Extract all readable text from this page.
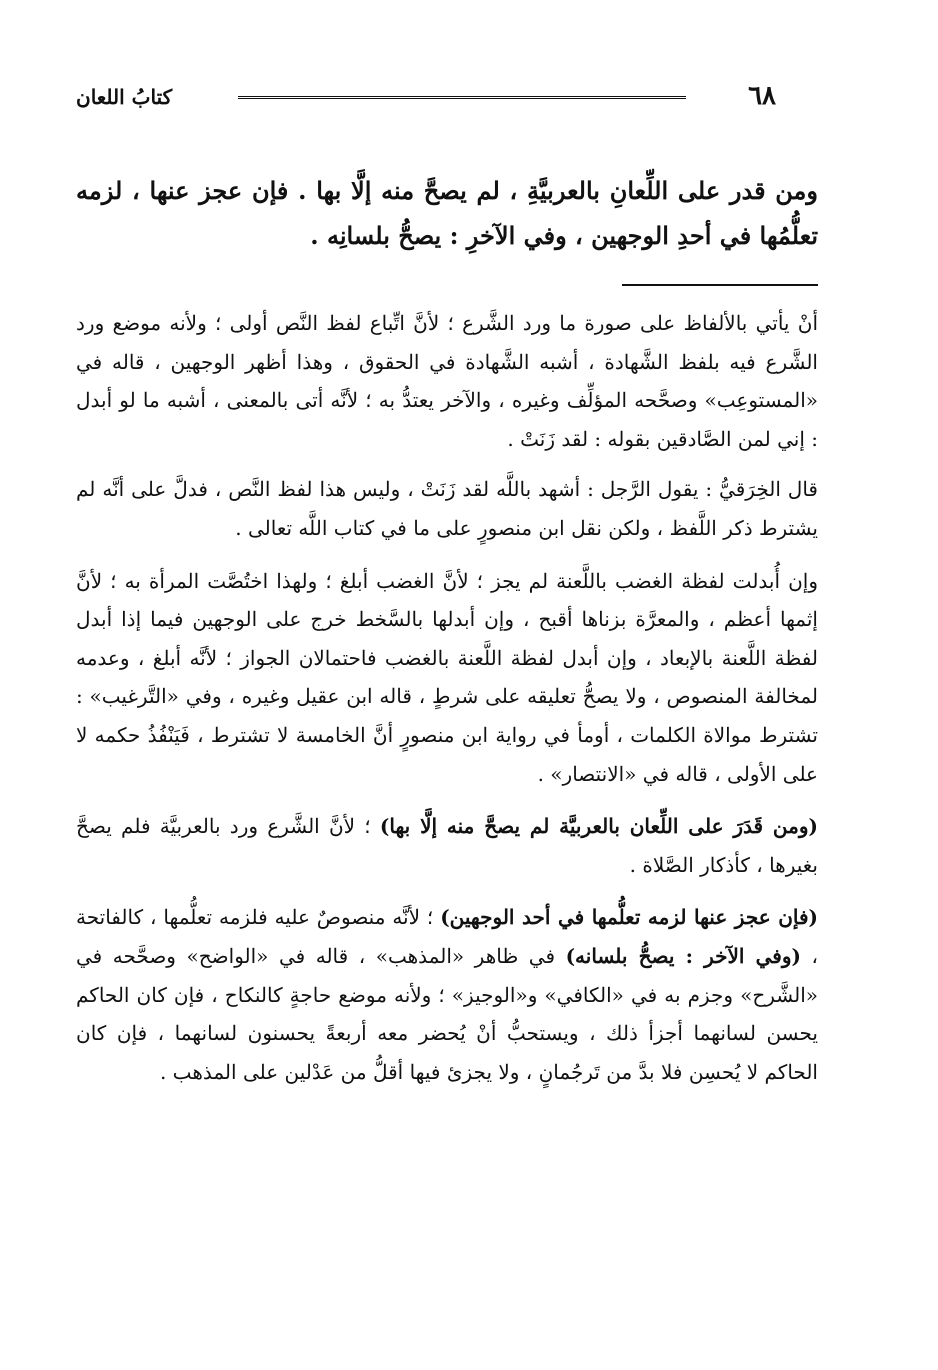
٦٨
كتابُ اللعان

ومن قدر على اللِّعانِ بالعربيَّةِ ، لم يصحَّ منه إلَّا بها . فإن عجز عنها ، لزمه تعلُّمُها في أحدِ الوجهين ، وفي الآخرِ : يصحُّ بلسانِه .

أنْ يأتي بالألفاظ على صورة ما ورد الشَّرع ؛ لأنَّ اتِّباع لفظ النَّص أولى ؛ ولأنه موضع ورد الشَّرع فيه بلفظ الشَّهادة ، أشبه الشَّهادة في الحقوق ، وهذا أظهر الوجهين ، قاله في «المستوعِب» وصحَّحه المؤلِّف وغيره ، والآخر يعتدُّ به ؛ لأنَّه أتى بالمعنى ، أشبه ما لو أبدل : إني لمن الصَّادقين بقوله : لقد زَنَتْ .

قال الخِرَقيُّ : يقول الرَّجل : أشهد باللَّه لقد زَنَتْ ، وليس هذا لفظ النَّص ، فدلَّ على أنَّه لم يشترط ذكر اللَّفظ ، ولكن نقل ابن منصورٍ على ما في كتاب اللَّه تعالى .

وإن أُبدلت لفظة الغضب باللَّعنة لم يجز ؛ لأنَّ الغضب أبلغ ؛ ولهذا اختُصَّت المرأة به ؛ لأنَّ إثمها أعظم ، والمعرَّة بزناها أقبح ، وإن أبدلها بالسَّخط خرج على الوجهين فيما إذا أبدل لفظة اللَّعنة بالإبعاد ، وإن أبدل لفظة اللَّعنة بالغضب فاحتمالان الجواز ؛ لأنَّه أبلغ ، وعدمه لمخالفة المنصوص ، ولا يصحُّ تعليقه على شرطٍ ، قاله ابن عقيل وغيره ، وفي «التَّرغيب» : تشترط موالاة الكلمات ، أومأ في رواية ابن منصورٍ أنَّ الخامسة لا تشترط ، فَيَنْفُذُ حكمه لا على الأولى ، قاله في «الانتصار» .

(ومن قَدَرَ على اللِّعان بالعربيَّة لم يصحَّ منه إلَّا بها) ؛ لأنَّ الشَّرع ورد بالعربيَّة فلم يصحَّ بغيرها ، كأذكار الصَّلاة .

(فإن عجز عنها لزمه تعلُّمها في أحد الوجهين) ؛ لأنَّه منصوصٌ عليه فلزمه تعلُّمها ، كالفاتحة ، (وفي الآخر : يصحُّ بلسانه) في ظاهر «المذهب» ، قاله في «الواضح» وصحَّحه في «الشَّرح» وجزم به في «الكافي» و«الوجيز» ؛ ولأنه موضع حاجةٍ كالنكاح ، فإن كان الحاكم يحسن لسانهما أجزأ ذلك ، ويستحبُّ أنْ يُحضر معه أربعةً يحسنون لسانهما ، فإن كان الحاكم لا يُحسِن فلا بدَّ من تَرجُمانٍ ، ولا يجزئ فيها أقلُّ من عَدْلين على المذهب .
